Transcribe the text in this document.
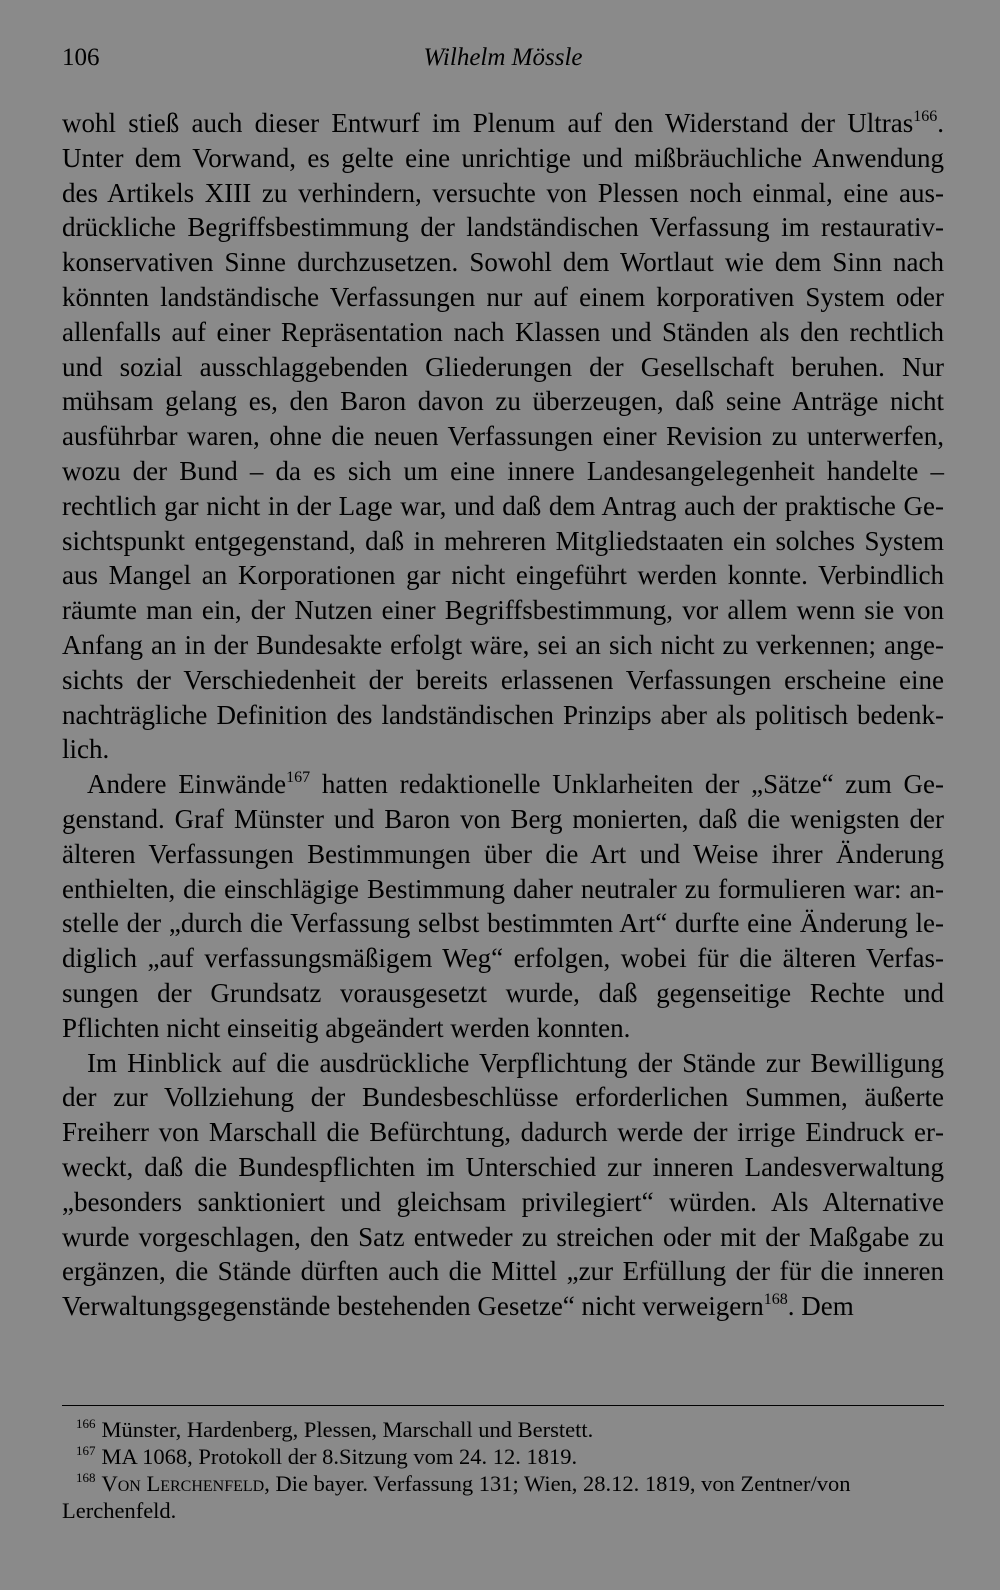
106	Wilhelm Mössle

wohl stieß auch dieser Entwurf im Plenum auf den Widerstand der Ultras$^{166}$. Unter dem Vorwand, es gelte eine unrichtige und mißbräuchliche Anwendung des Artikels XIII zu verhindern, versuchte von Plessen noch einmal, eine ausdrückliche Begriffsbestimmung der landständischen Verfassung im restaurativkonservativen Sinne durchzusetzen. Sowohl dem Wortlaut wie dem Sinn nach könnten landständische Verfassungen nur auf einem korporativen System oder allenfalls auf einer Repräsentation nach Klassen und Ständen als den rechtlich und sozial ausschlaggebenden Gliederungen der Gesellschaft beruhen. Nur mühsam gelang es, den Baron davon zu überzeugen, daß seine Anträge nicht ausführbar waren, ohne die neuen Verfassungen einer Revision zu unterwerfen, wozu der Bund – da es sich um eine innere Landesangelegenheit handelte – rechtlich gar nicht in der Lage war, und daß dem Antrag auch der praktische Gesichtspunkt entgegenstand, daß in mehreren Mitgliedstaaten ein solches System aus Mangel an Korporationen gar nicht eingeführt werden konnte. Verbindlich räumte man ein, der Nutzen einer Begriffsbestimmung, vor allem wenn sie von Anfang an in der Bundesakte erfolgt wäre, sei an sich nicht zu verkennen; angesichts der Verschiedenheit der bereits erlassenen Verfassungen erscheine eine nachträgliche Definition des landständischen Prinzips aber als politisch bedenklich.

Andere Einwände$^{167}$ hatten redaktionelle Unklarheiten der „Sätze“ zum Gegenstand. Graf Münster und Baron von Berg monierten, daß die wenigsten der älteren Verfassungen Bestimmungen über die Art und Weise ihrer Änderung enthielten, die einschlägige Bestimmung daher neutraler zu formulieren war: anstelle der „durch die Verfassung selbst bestimmten Art“ durfte eine Änderung lediglich „auf verfassungsmäßigem Weg“ erfolgen, wobei für die älteren Verfassungen der Grundsatz vorausgesetzt wurde, daß gegenseitige Rechte und Pflichten nicht einseitig abgeändert werden konnten.

Im Hinblick auf die ausdrückliche Verpflichtung der Stände zur Bewilligung der zur Vollziehung der Bundesbeschlüsse erforderlichen Summen, äußerte Freiherr von Marschall die Befürchtung, dadurch werde der irrige Eindruck erweckt, daß die Bundespflichten im Unterschied zur inneren Landesverwaltung „besonders sanktioniert und gleichsam privilegiert“ würden. Als Alternative wurde vorgeschlagen, den Satz entweder zu streichen oder mit der Maßgabe zu ergänzen, die Stände dürften auch die Mittel „zur Erfüllung der für die inneren Verwaltungsgegenstände bestehenden Gesetze“ nicht verweigern$^{168}$. Dem

$^{166}$ Münster, Hardenberg, Plessen, Marschall und Berstett.

$^{167}$ MA 1068, Protokoll der 8.Sitzung vom 24. 12. 1819.

$^{168}$ Von Lerchenfeld, Die bayer. Verfassung 131; Wien, 28.12. 1819, von Zentner/von Lerchenfeld.
